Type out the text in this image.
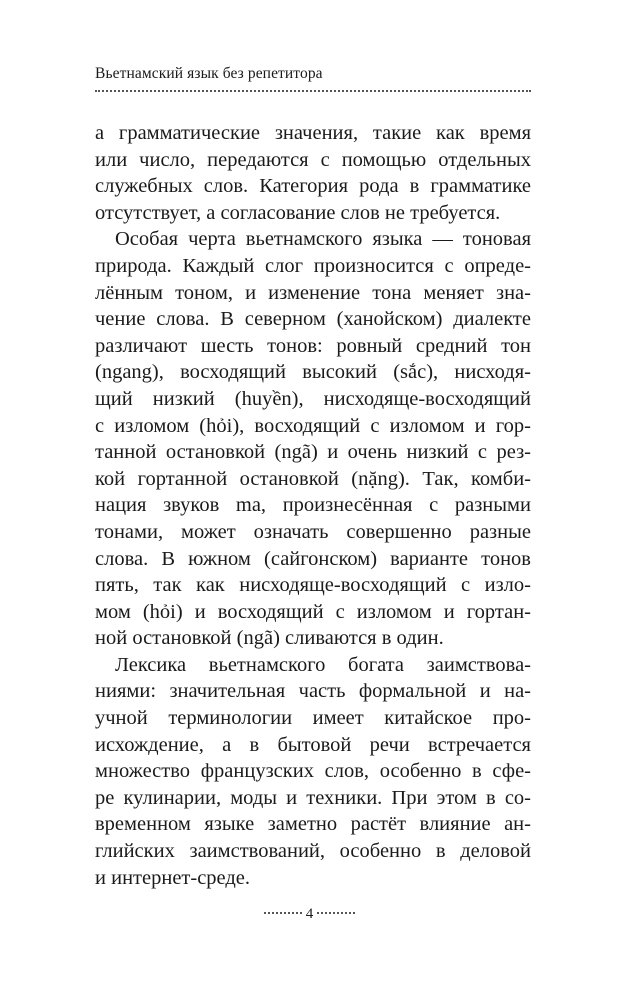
Вьетнамский язык без репетитора
а грамматические значения, такие как время
или число, передаются с помощью отдельных
служебных слов. Категория рода в грамматике
отсутствует, а согласование слов не требуется.
Особая черта вьетнамского языка — тоновая
природа. Каждый слог произносится с опреде-
лённым тоном, и изменение тона меняет зна-
чение слова. В северном (ханойском) диалекте
различают шесть тонов: ровный средний тон
(ngang), восходящий высокий (sắc), нисходя-
щий низкий (huyền), нисходяще-восходящий
с изломом (hỏi), восходящий с изломом и гор-
танной остановкой (ngã) и очень низкий с рез-
кой гортанной остановкой (nặng). Так, комби-
нация звуков ma, произнесённая с разными
тонами, может означать совершенно разные
слова. В южном (сайгонском) варианте тонов
пять, так как нисходяще-восходящий с изло-
мом (hỏi) и восходящий с изломом и гортан-
ной остановкой (ngã) сливаются в один.
Лексика вьетнамского богата заимствова-
ниями: значительная часть формальной и на-
учной терминологии имеет китайское про-
исхождение, а в бытовой речи встречается
множество французских слов, особенно в сфе-
ре кулинарии, моды и техники. При этом в со-
временном языке заметно растёт влияние ан-
глийских заимствований, особенно в деловой
и интернет-среде.
4
